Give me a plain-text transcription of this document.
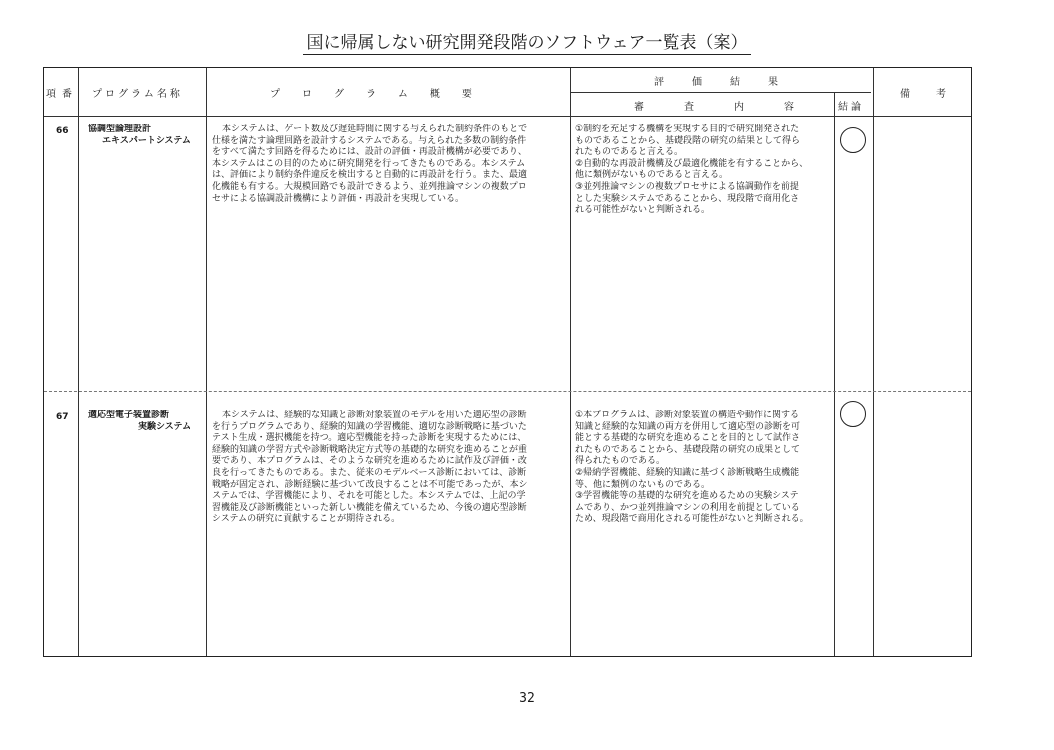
国に帰属しない研究開発段階のソフトウェア一覧表（案）
項番 プログラム名称	プログラム概要
評価結果
審査内容 結論
備考
66 協調型論理設計
エキスパートシステム
本システムは、ゲート数及び遅延時間に関する与えられた制約条件のもとで
仕様を満たす論理回路を設計するシステムである。与えられた多数の制約条件
をすべて満たす回路を得るためには、設計の評価・再設計機構が必要であり、
本システムはこの目的のために研究開発を行ってきたものである。本システム
は、評価により制約条件違反を検出すると自動的に再設計を行う。また、最適
化機能も有する。大規模回路でも設計できるよう、並列推論マシンの複数プロ
セサによる協調設計機構により評価・再設計を実現している。
①制約を充足する機構を実現する目的で研究開発された
ものであることから、基礎段階の研究の結果として得ら
れたものであると言える。
②自動的な再設計機構及び最適化機能を有することから、
他に類例がないものであると言える。
③並列推論マシンの複数プロセサによる協調動作を前提
とした実験システムであることから、現段階で商用化さ
れる可能性がないと判断される。
67 適応型電子装置診断
実験システム
本システムは、経験的な知識と診断対象装置のモデルを用いた適応型の診断
を行うプログラムであり、経験的知識の学習機能、適切な診断戦略に基づいた
テスト生成・選択機能を持つ。適応型機能を持った診断を実現するためには、
経験的知識の学習方式や診断戦略決定方式等の基礎的な研究を進めることが重
要であり、本プログラムは、そのような研究を進めるために試作及び評価・改
良を行ってきたものである。また、従来のモデルベース診断においては、診断
戦略が固定され、診断経験に基づいて改良することは不可能であったが、本シ
ステムでは、学習機能により、それを可能とした。本システムでは、上記の学
習機能及び診断機能といった新しい機能を備えているため、今後の適応型診断
システムの研究に貢献することが期待される。
①本プログラムは、診断対象装置の構造や動作に関する
知識と経験的な知識の両方を併用して適応型の診断を可
能とする基礎的な研究を進めることを目的として試作さ
れたものであることから、基礎段階の研究の成果として
得られたものである。
②帰納学習機能、経験的知識に基づく診断戦略生成機能
等、他に類例のないものである。
③学習機能等の基礎的な研究を進めるための実験システ
ムであり、かつ並列推論マシンの利用を前提としている
ため、現段階で商用化される可能性がないと判断される。
32
